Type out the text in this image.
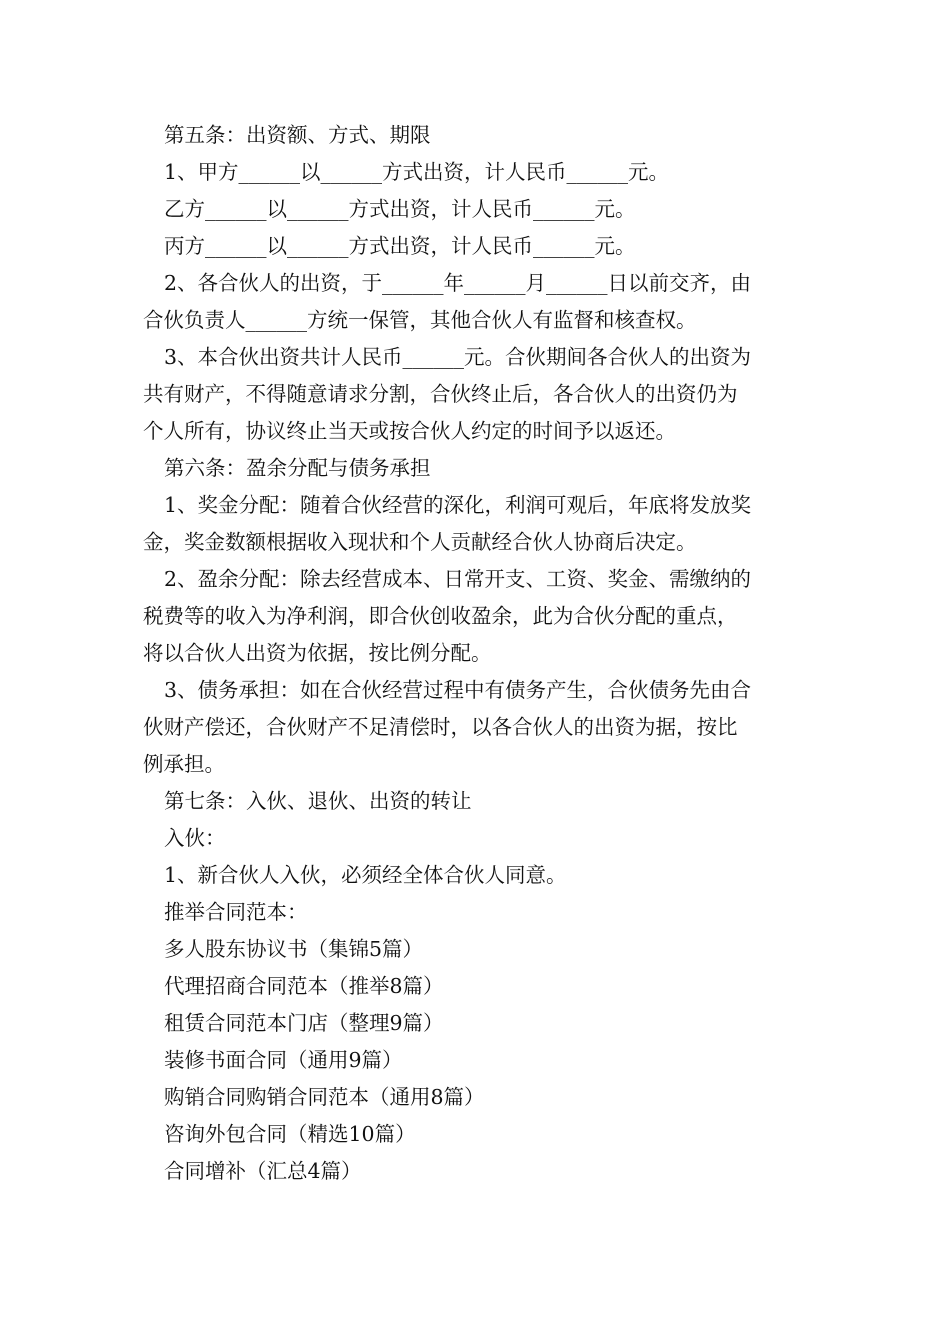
第五条：出资额、方式、期限
1、甲方______以______方式出资，计人民币______元。
乙方______以______方式出资，计人民币______元。
丙方______以______方式出资，计人民币______元。
2、各合伙人的出资，于______年______月______日以前交齐，由
合伙负责人______方统一保管，其他合伙人有监督和核查权。
3、本合伙出资共计人民币______元。合伙期间各合伙人的出资为
共有财产，不得随意请求分割，合伙终止后，各合伙人的出资仍为
个人所有，协议终止当天或按合伙人约定的时间予以返还。
第六条：盈余分配与债务承担
1、奖金分配：随着合伙经营的深化，利润可观后，年底将发放奖
金，奖金数额根据收入现状和个人贡献经合伙人协商后决定。
2、盈余分配：除去经营成本、日常开支、工资、奖金、需缴纳的
税费等的收入为净利润，即合伙创收盈余，此为合伙分配的重点，
将以合伙人出资为依据，按比例分配。
3、债务承担：如在合伙经营过程中有债务产生，合伙债务先由合
伙财产偿还，合伙财产不足清偿时，以各合伙人的出资为据，按比
例承担。
第七条：入伙、退伙、出资的转让
入伙：
1、新合伙人入伙，必须经全体合伙人同意。
推举合同范本：
多人股东协议书（集锦5篇）
代理招商合同范本（推举8篇）
租赁合同范本门店（整理9篇）
装修书面合同（通用9篇）
购销合同购销合同范本（通用8篇）
咨询外包合同（精选10篇）
合同增补（汇总4篇）
